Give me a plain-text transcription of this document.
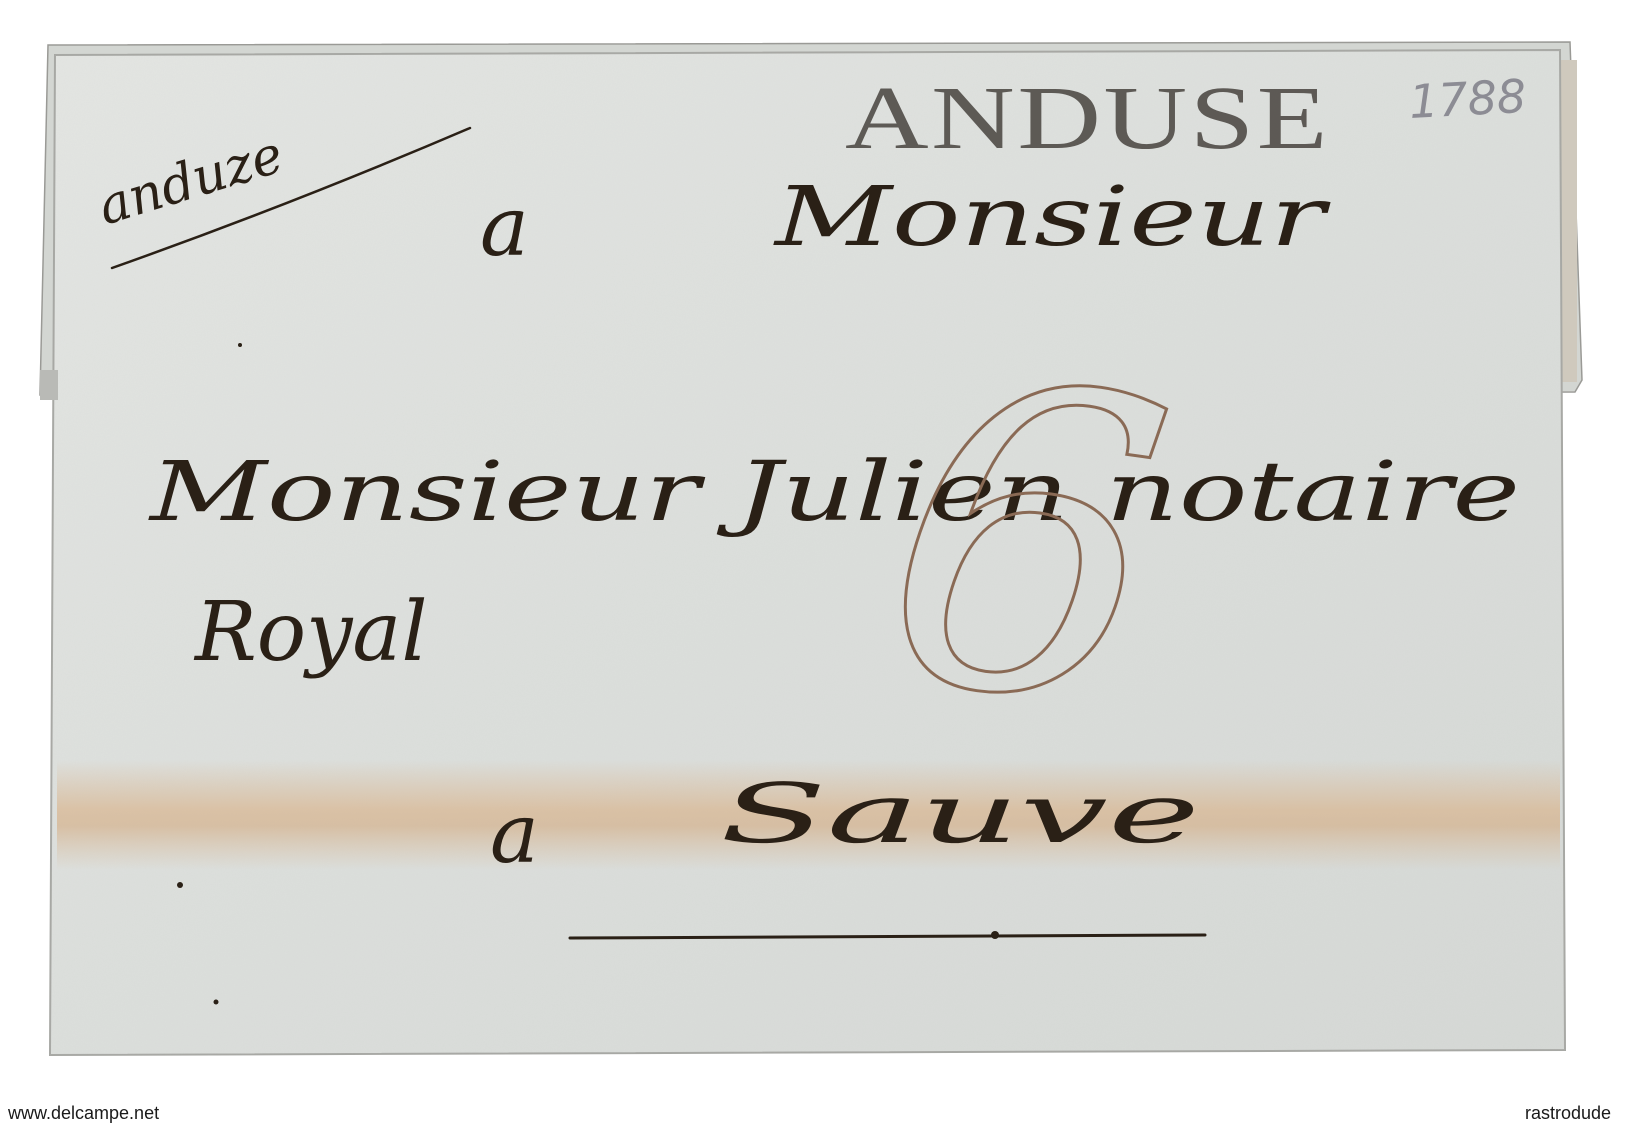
ANDUSE 1788
anduze a	Monsieur
Monsieur Julien notaire
Royal
a Sauve
6
www.delcampe.net	rastrodude
